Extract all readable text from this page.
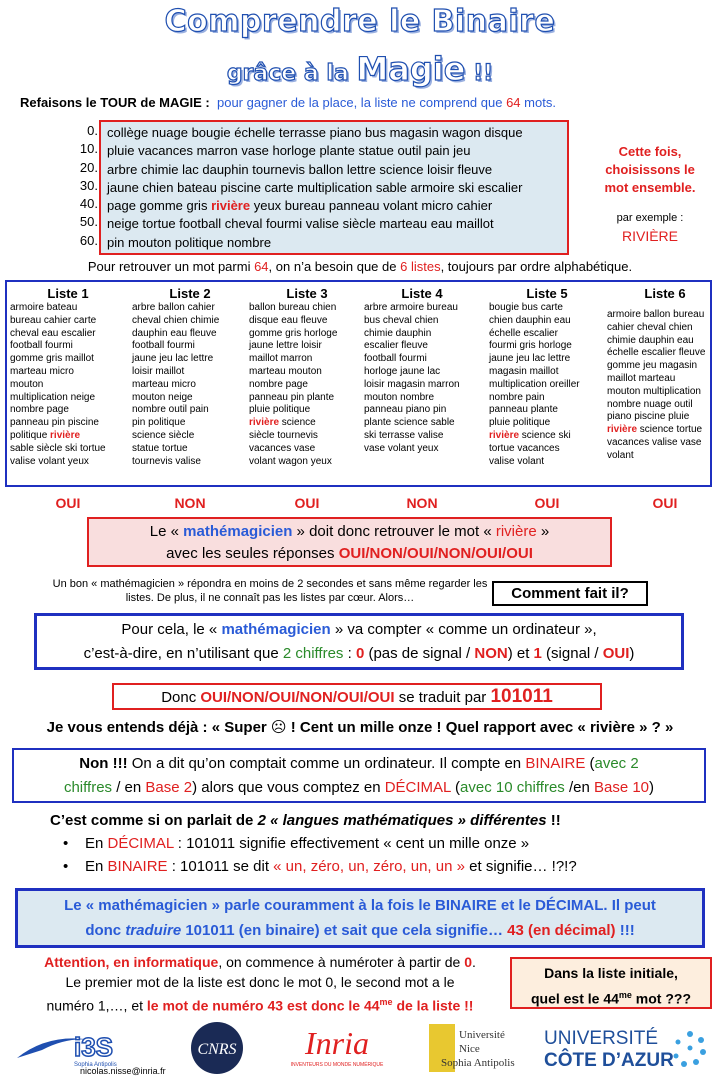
Comprendre le Binaire
grâce à la Magie !!
Refaisons le TOUR de MAGIE : pour gagner de la place, la liste ne comprend que 64 mots.
0.
10.
20.
30.
40.
50.
60.
collège nuage bougie échelle terrasse piano bus magasin wagon disque
pluie vacances marron vase horloge plante statue outil pain jeu
arbre chimie lac dauphin tournevis ballon lettre science loisir fleuve
jaune chien bateau piscine carte multiplication sable armoire ski escalier
page gomme gris rivière yeux bureau panneau volant micro cahier
neige tortue football cheval fourmi valise siècle marteau eau maillot
pin mouton politique nombre
Cette fois,
choisissons le
mot ensemble.
par exemple :
RIVIÈRE
Pour retrouver un mot parmi 64, on n’a besoin que de 6 listes, toujours par ordre alphabétique.
Liste 1
armoire bateau
bureau cahier carte
cheval eau escalier
football fourmi
gomme gris maillot
marteau micro
mouton
multiplication neige
nombre page
panneau pin piscine
politique rivière
sable siècle ski tortue
valise volant yeux
OUI
Liste 2
arbre ballon cahier
cheval chien chimie
dauphin eau fleuve
football fourmi
jaune jeu lac lettre
loisir maillot
marteau micro
mouton neige
nombre outil pain
pin politique
science siècle
statue tortue
tournevis valise
NON
Liste 3
ballon bureau chien
disque eau fleuve
gomme gris horloge
jaune lettre loisir
maillot marron
marteau mouton
nombre page
panneau pin plante
pluie politique
rivière science
siècle tournevis
vacances vase
volant wagon yeux
OUI
Liste 4
arbre armoire bureau
bus cheval chien
chimie dauphin
escalier fleuve
football fourmi
horloge jaune lac
loisir magasin marron
mouton nombre
panneau piano pin
plante science sable
ski terrasse valise
vase volant yeux
NON
Liste 5
bougie bus carte
chien dauphin eau
échelle escalier
fourmi gris horloge
jaune jeu lac lettre
magasin maillot
multiplication oreiller
nombre pain
panneau plante
pluie politique
rivière science ski
tortue vacances
valise volant
OUI
Liste 6
armoire ballon bureau
cahier cheval chien
chimie dauphin eau
échelle escalier fleuve
gomme jeu magasin
maillot marteau
mouton multiplication
nombre nuage outil
piano piscine pluie
rivière science tortue
vacances valise vase
volant
OUI
Le « mathémagicien » doit donc retrouver le mot « rivière »
avec les seules réponses OUI/NON/OUI/NON/OUI/OUI
Un bon « mathémagicien » répondra en moins de 2 secondes et sans même regarder les listes. De plus, il ne connaît pas les listes par cœur. Alors…	Comment fait il?
Pour cela, le « mathémagicien » va compter « comme un ordinateur »,
c’est-à-dire, en n’utilisant que 2 chiffres : 0 (pas de signal / NON) et 1 (signal / OUI)
Donc OUI/NON/OUI/NON/OUI/OUI se traduit par 101011
Je vous entends déjà : « Super ☹ ! Cent un mille onze ! Quel rapport avec « rivière » ? »
Non !!! On a dit qu’on comptait comme un ordinateur. Il compte en BINAIRE (avec 2
chiffres / en Base 2) alors que vous comptez en DÉCIMAL (avec 10 chiffres /en Base 10)
C’est comme si on parlait de 2 « langues mathématiques » différentes !!
• En DÉCIMAL : 101011 signifie effectivement « cent un mille onze »
• En BINAIRE : 101011 se dit « un, zéro, un, zéro, un, un » et signifie… !?!?
Le « mathémagicien » parle couramment à la fois le BINAIRE et le DÉCIMAL. Il peut
donc traduire 101011 (en binaire) et sait que cela signifie… 43 (en décimal) !!!
Attention, en informatique, on commence à numéroter à partir de 0.
Le premier mot de la liste est donc le mot 0, le second mot a le
numéro 1,…, et le mot de numéro 43 est donc le $44^{me}$ de la liste !!
Dans la liste initiale,
quel est le $44^{me}$ mot ???
i3S
Sophia Antipolis
nicolas.nisse@inria.fr
CNRS Inria
INVENTEURS DU MONDE NUMÉRIQUE
Université
Nice
Sophia Antipolis
UNIVERSITÉ
CÔTE D’AZUR
